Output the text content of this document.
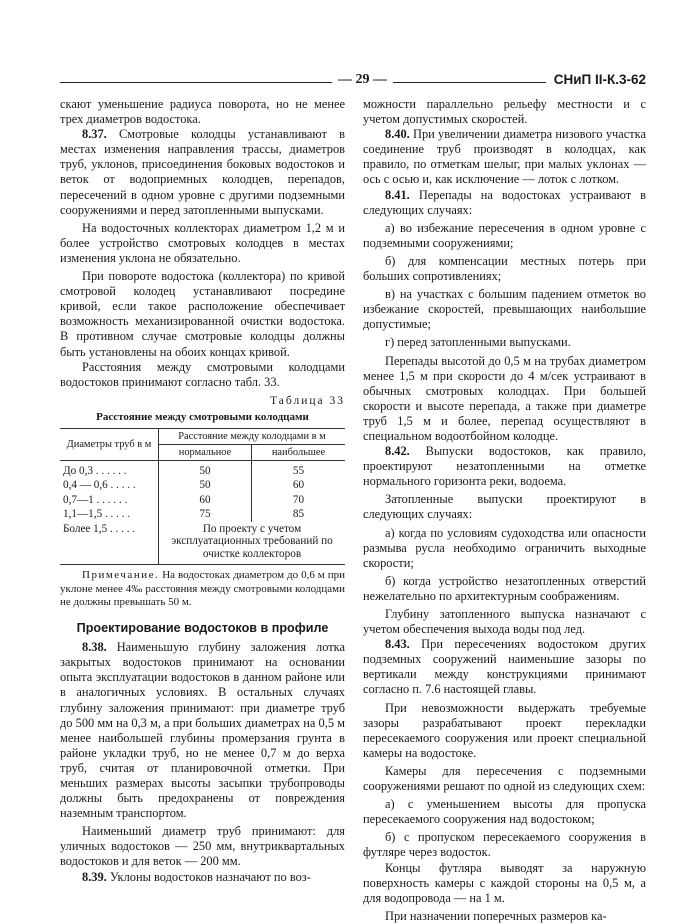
— 29 —	СНиП II-К.3-62

скают уменьшение радиуса поворота, но не менее трех диаметров водостока.

8.37. Смотровые колодцы устанавливают в местах изменения направления трассы, диаметров труб, уклонов, присоединения боковых водостоков и веток от водоприемных колодцев, перепадов, пересечений в одном уровне с другими подземными сооружениями и перед затопленными выпусками.

На водосточных коллекторах диаметром 1,2 м и более устройство смотровых колодцев в местах изменения уклона не обязательно.

При повороте водостока (коллектора) по кривой смотровой колодец устанавливают посредине кривой, если такое расположение обеспечивает возможность механизированной очистки водостока. В противном случае смотровые колодцы должны быть установлены на обоих концах кривой.

Расстояния между смотровыми колодцами водостоков принимают согласно табл. 33.

Таблица 33
Расстояние между смотровыми колодцами
Диаметры труб в м	Расстояние между колодцами в м	
	нормальное	наибольшее
До 0,3 . . . . . .	50	55
0,4 — 0,6 . . . . .	50	60
0,7—1 . . . . . .	60	70
1,1—1,5 . . . . .	75	85
Более 1,5 . . . . .	По проекту с учетом эксплуатационных требований по очистке коллекторов	

Примечание. На водостоках диаметром до 0,6 м при уклоне менее 4‰ расстояния между смотровыми колодцами не должны превышать 50 м.

Проектирование водостоков в профиле

8.38. Наименьшую глубину заложения лотка закрытых водостоков принимают на основании опыта эксплуатации водостоков в данном районе или в аналогичных условиях. В остальных случаях глубину заложения принимают: при диаметре труб до 500 мм на 0,3 м, а при больших диаметрах на 0,5 м менее наибольшей глубины промерзания грунта в районе укладки труб, но не менее 0,7 м до верха труб, считая от планировочной отметки. При меньших размерах высоты засыпки трубопроводы должны быть предохранены от повреждения наземным транспортом.

Наименьший диаметр труб принимают: для уличных водостоков — 250 мм, внутриквартальных водостоков и для веток — 200 мм.

8.39. Уклоны водостоков назначают по воз-

можности параллельно рельефу местности и с учетом допустимых скоростей.

8.40. При увеличении диаметра низового участка соединение труб производят в колодцах, как правило, по отметкам шелыг, при малых уклонах — ось с осью и, как исключение — лоток с лотком.

8.41. Перепады на водостоках устраивают в следующих случаях:

а) во избежание пересечения в одном уровне с подземными сооружениями;

б) для компенсации местных потерь при больших сопротивлениях;

в) на участках с большим падением отметок во избежание скоростей, превышающих наибольшие допустимые;

г) перед затопленными выпусками.

Перепады высотой до 0,5 м на трубах диаметром менее 1,5 м при скорости до 4 м/сек устраивают в обычных смотровых колодцах. При большей скорости и высоте перепада, а также при диаметре труб 1,5 м и более, перепад осуществляют в специальном водоотбойном колодце.

8.42. Выпуски водостоков, как правило, проектируют незатопленными на отметке нормального горизонта реки, водоема.

Затопленные выпуски проектируют в следующих случаях:

а) когда по условиям судоходства или опасности размыва русла необходимо ограничить выходные скорости;

б) когда устройство незатопленных отверстий нежелательно по архитектурным соображениям.

Глубину затопленного выпуска назначают с учетом обеспечения выхода воды под лед.

8.43. При пересечениях водостоком других подземных сооружений наименьшие зазоры по вертикали между конструкциями принимают согласно п. 7.6 настоящей главы.

При невозможности выдержать требуемые зазоры разрабатывают проект перекладки пересекаемого сооружения или проект специальной камеры на водостоке.

Камеры для пересечения с подземными сооружениями решают по одной из следующих схем:

а) с уменьшением высоты для пропуска пересекаемого сооружения над водостоком;

б) с пропуском пересекаемого сооружения в футляре через водосток.

Концы футляра выводят за наружную поверхность камеры с каждой стороны на 0,5 м, а для водопровода — на 1 м.

При назначении поперечных размеров ка-
